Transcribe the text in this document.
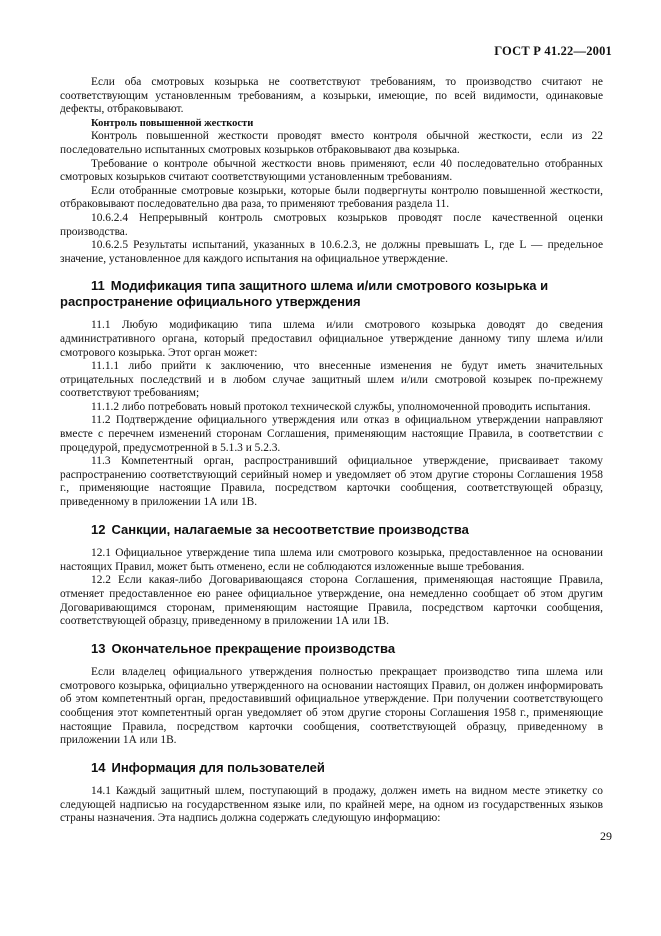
ГОСТ Р 41.22—2001

Если оба смотровых козырька не соответствуют требованиям, то производство считают не соответствующим установленным требованиям, а козырьки, имеющие, по всей видимости, одинаковые дефекты, отбраковывают.

Контроль повышенной жесткости

Контроль повышенной жесткости проводят вместо контроля обычной жесткости, если из 22 последовательно испытанных смотровых козырьков отбраковывают два козырька.

Требование о контроле обычной жесткости вновь применяют, если 40 последовательно отобранных смотровых козырьков считают соответствующими установленным требованиям.

Если отобранные смотровые козырьки, которые были подвергнуты контролю повышенной жесткости, отбраковывают последовательно два раза, то применяют требования раздела 11.

10.6.2.4 Непрерывный контроль смотровых козырьков проводят после качественной оценки производства.

10.6.2.5 Результаты испытаний, указанных в 10.6.2.3, не должны превышать L, где L — предельное значение, установленное для каждого испытания на официальное утверждение.

11 Модификация типа защитного шлема и/или смотрового козырька и распространение официального утверждения

11.1 Любую модификацию типа шлема и/или смотрового козырька доводят до сведения административного органа, который предоставил официальное утверждение данному типу шлема и/или смотрового козырька. Этот орган может:

11.1.1 либо прийти к заключению, что внесенные изменения не будут иметь значительных отрицательных последствий и в любом случае защитный шлем и/или смотровой козырек по-прежнему соответствуют требованиям;

11.1.2 либо потребовать новый протокол технической службы, уполномоченной проводить испытания.

11.2 Подтверждение официального утверждения или отказ в официальном утверждении направляют вместе с перечнем изменений сторонам Соглашения, применяющим настоящие Правила, в соответствии с процедурой, предусмотренной в 5.1.3 и 5.2.3.

11.3 Компетентный орган, распространивший официальное утверждение, присваивает такому распространению соответствующий серийный номер и уведомляет об этом другие стороны Соглашения 1958 г., применяющие настоящие Правила, посредством карточки сообщения, соответствующей образцу, приведенному в приложении 1А или 1В.

12 Санкции, налагаемые за несоответствие производства

12.1 Официальное утверждение типа шлема или смотрового козырька, предоставленное на основании настоящих Правил, может быть отменено, если не соблюдаются изложенные выше требования.

12.2 Если какая-либо Договаривающаяся сторона Соглашения, применяющая настоящие Правила, отменяет предоставленное ею ранее официальное утверждение, она немедленно сообщает об этом другим Договаривающимся сторонам, применяющим настоящие Правила, посредством карточки сообщения, соответствующей образцу, приведенному в приложении 1А или 1В.

13 Окончательное прекращение производства

Если владелец официального утверждения полностью прекращает производство типа шлема или смотрового козырька, официально утвержденного на основании настоящих Правил, он должен информировать об этом компетентный орган, предоставивший официальное утверждение. При получении соответствующего сообщения этот компетентный орган уведомляет об этом другие стороны Соглашения 1958 г., применяющие настоящие Правила, посредством карточки сообщения, соответствующей образцу, приведенному в приложении 1А или 1В.

14 Информация для пользователей

14.1 Каждый защитный шлем, поступающий в продажу, должен иметь на видном месте этикетку со следующей надписью на государственном языке или, по крайней мере, на одном из государственных языков страны назначения. Эта надпись должна содержать следующую информацию:

29
